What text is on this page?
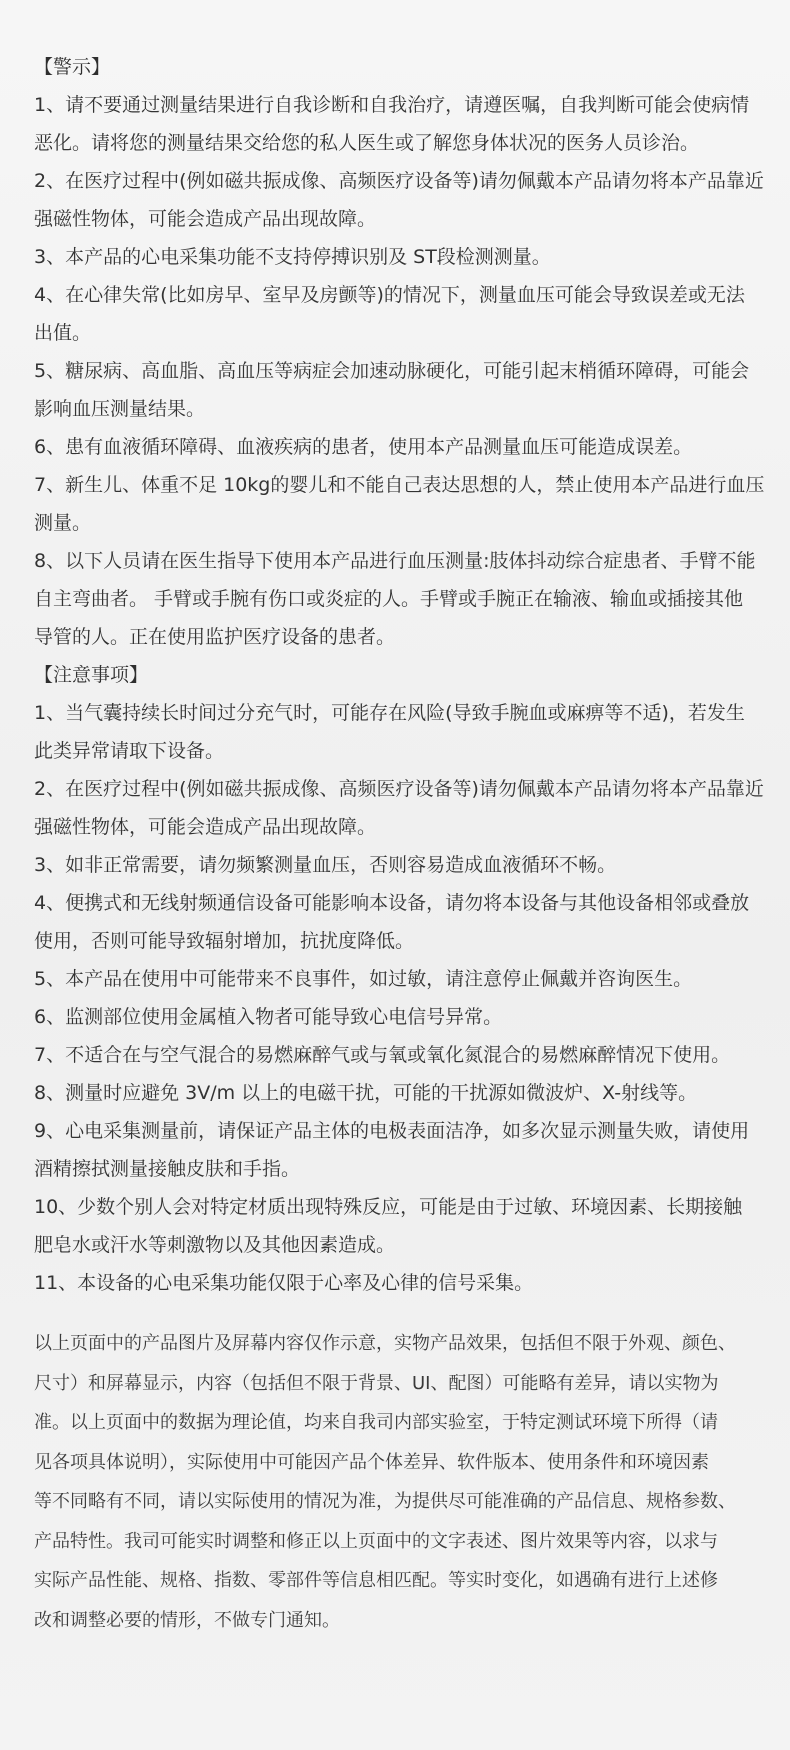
【警示】

1、请不要通过测量结果进行自我诊断和自我治疗，请遵医嘱，自我判断可能会使病情
恶化。请将您的测量结果交给您的私人医生或了解您身体状况的医务人员诊治。

2、在医疗过程中(例如磁共振成像、高频医疗设备等)请勿佩戴本产品请勿将本产品靠近
强磁性物体，可能会造成产品出现故障。

3、本产品的心电采集功能不支持停搏识别及 ST段检测测量。

4、在心律失常(比如房早、室早及房颤等)的情况下，测量血压可能会导致误差或无法
出值。

5、糖尿病、高血脂、高血压等病症会加速动脉硬化，可能引起末梢循环障碍，可能会
影响血压测量结果。

6、患有血液循环障碍、血液疾病的患者，使用本产品测量血压可能造成误差。

7、新生儿、体重不足 10kg的婴儿和不能自己表达思想的人，禁止使用本产品进行血压
测量。

8、以下人员请在医生指导下使用本产品进行血压测量:肢体抖动综合症患者、手臂不能
自主弯曲者。 手臂或手腕有伤口或炎症的人。手臂或手腕正在输液、输血或插接其他
导管的人。正在使用监护医疗设备的患者。

【注意事项】

1、当气囊持续长时间过分充气时，可能存在风险(导致手腕血或麻痹等不适)，若发生
此类异常请取下设备。

2、在医疗过程中(例如磁共振成像、高频医疗设备等)请勿佩戴本产品请勿将本产品靠近
强磁性物体，可能会造成产品出现故障。

3、如非正常需要，请勿频繁测量血压，否则容易造成血液循环不畅。

4、便携式和无线射频通信设备可能影响本设备，请勿将本设备与其他设备相邻或叠放
使用，否则可能导致辐射增加，抗扰度降低。

5、本产品在使用中可能带来不良事件，如过敏，请注意停止佩戴并咨询医生。

6、监测部位使用金属植入物者可能导致心电信号异常。

7、不适合在与空气混合的易燃麻醉气或与氧或氧化氮混合的易燃麻醉情况下使用。

8、测量时应避免 3V/m 以上的电磁干扰，可能的干扰源如微波炉、X-射线等。

9、心电采集测量前，请保证产品主体的电极表面洁净，如多次显示测量失败，请使用
酒精擦拭测量接触皮肤和手指。

10、少数个别人会对特定材质出现特殊反应，可能是由于过敏、环境因素、长期接触
肥皂水或汗水等刺激物以及其他因素造成。

11、本设备的心电采集功能仅限于心率及心律的信号采集。

以上页面中的产品图片及屏幕内容仅作示意，实物产品效果，包括但不限于外观、颜色、
尺寸）和屏幕显示，内容（包括但不限于背景、UI、配图）可能略有差异，请以实物为
准。以上页面中的数据为理论值，均来自我司内部实验室，于特定测试环境下所得（请
见各项具体说明），实际使用中可能因产品个体差异、软件版本、使用条件和环境因素
等不同略有不同，请以实际使用的情况为准，为提供尽可能准确的产品信息、规格参数、
产品特性。我司可能实时调整和修正以上页面中的文字表述、图片效果等内容，以求与
实际产品性能、规格、指数、零部件等信息相匹配。等实时变化，如遇确有进行上述修
改和调整必要的情形，不做专门通知。
